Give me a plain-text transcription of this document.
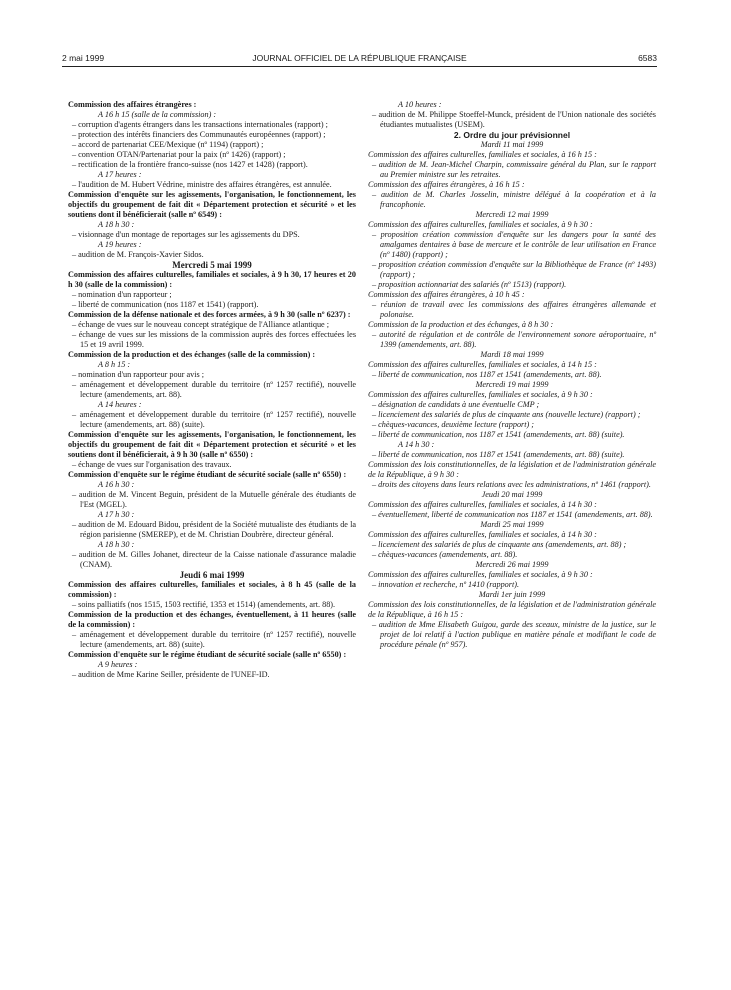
2 mai 1999	JOURNAL OFFICIEL DE LA RÉPUBLIQUE FRANÇAISE	6583
Commission des affaires étrangères :
A 16 h 15 (salle de la commission) :
– corruption d'agents étrangers dans les transactions internationales (rapport) ;
– protection des intérêts financiers des Communautés européennes (rapport) ;
– accord de partenariat CEE/Mexique (nº 1194) (rapport) ;
– convention OTAN/Partenariat pour la paix (nº 1426) (rapport) ;
– rectification de la frontière franco-suisse (nos 1427 et 1428) (rapport).
A 17 heures :
– l'audition de M. Hubert Védrine, ministre des affaires étrangères, est annulée.
Commission d'enquête sur les agissements, l'organisation, le fonctionnement, les objectifs du groupement de fait dit « Département protection et sécurité » et les soutiens dont il bénéficierait (salle nº 6549) :
A 18 h 30 :
– visionnage d'un montage de reportages sur les agissements du DPS.
A 19 heures :
– audition de M. François-Xavier Sidos.
Mercredi 5 mai 1999
Commission des affaires culturelles, familiales et sociales, à 9 h 30, 17 heures et 20 h 30 (salle de la commission) :
– nomination d'un rapporteur ;
– liberté de communication (nos 1187 et 1541) (rapport).
Commission de la défense nationale et des forces armées, à 9 h 30 (salle nº 6237) :
– échange de vues sur le nouveau concept stratégique de l'Alliance atlantique ;
– échange de vues sur les missions de la commission auprès des forces effectuées les 15 et 19 avril 1999.
Commission de la production et des échanges (salle de la commission) :
A 8 h 15 :
– nomination d'un rapporteur pour avis ;
– aménagement et développement durable du territoire (nº 1257 rectifié), nouvelle lecture (amendements, art. 88).
A 14 heures :
– aménagement et développement durable du territoire (nº 1257 rectifié), nouvelle lecture (amendements, art. 88) (suite).
Commission d'enquête sur les agissements, l'organisation, le fonctionnement, les objectifs du groupement de fait dit « Département protection et sécurité » et les soutiens dont il bénéficierait, à 9 h 30 (salle nº 6550) :
– échange de vues sur l'organisation des travaux.
Commission d'enquête sur le régime étudiant de sécurité sociale (salle nº 6550) :
A 16 h 30 :
– audition de M. Vincent Beguin, président de la Mutuelle générale des étudiants de l'Est (MGEL).
A 17 h 30 :
– audition de M. Edouard Bidou, président de la Société mutualiste des étudiants de la région parisienne (SMEREP), et de M. Christian Doubrère, directeur général.
A 18 h 30 :
– audition de M. Gilles Johanet, directeur de la Caisse nationale d'assurance maladie (CNAM).
Jeudi 6 mai 1999
Commission des affaires culturelles, familiales et sociales, à 8 h 45 (salle de la commission) :
– soins palliatifs (nos 1515, 1503 rectifié, 1353 et 1514) (amendements, art. 88).
Commission de la production et des échanges, éventuellement, à 11 heures (salle de la commission) :
– aménagement et développement durable du territoire (nº 1257 rectifié), nouvelle lecture (amendements, art. 88) (suite).
Commission d'enquête sur le régime étudiant de sécurité sociale (salle nº 6550) :
A 9 heures :
– audition de Mme Karine Seiller, présidente de l'UNEF-ID.
A 10 heures :
– audition de M. Philippe Stoeffel-Munck, président de l'Union nationale des sociétés étudiantes mutualistes (USEM).
2. Ordre du jour prévisionnel
Mardi 11 mai 1999
Commission des affaires culturelles, familiales et sociales, à 16 h 15 :
– audition de M. Jean-Michel Charpin, commissaire général du Plan, sur le rapport au Premier ministre sur les retraites.
Commission des affaires étrangères, à 16 h 15 :
– audition de M. Charles Josselin, ministre délégué à la coopération et à la francophonie.
Mercredi 12 mai 1999
Commission des affaires culturelles, familiales et sociales, à 9 h 30 :
– proposition création commission d'enquête sur les dangers pour la santé des amalgames dentaires à base de mercure et le contrôle de leur utilisation en France (nº 1480) (rapport) ;
– proposition création commission d'enquête sur la Bibliothèque de France (nº 1493) (rapport) ;
– proposition actionnariat des salariés (nº 1513) (rapport).
Commission des affaires étrangères, à 10 h 45 :
– réunion de travail avec les commissions des affaires étrangères allemande et polonaise.
Commission de la production et des échanges, à 8 h 30 :
– autorité de régulation et de contrôle de l'environnement sonore aéroportuaire, nº 1399 (amendements, art. 88).
Mardi 18 mai 1999
Commission des affaires culturelles, familiales et sociales, à 14 h 15 :
– liberté de communication, nos 1187 et 1541 (amendements, art. 88).
Mercredi 19 mai 1999
Commission des affaires culturelles, familiales et sociales, à 9 h 30 :
– désignation de candidats à une éventuelle CMP ;
– licenciement des salariés de plus de cinquante ans (nouvelle lecture) (rapport) ;
– chèques-vacances, deuxième lecture (rapport) ;
– liberté de communication, nos 1187 et 1541 (amendements, art. 88) (suite).
A 14 h 30 :
– liberté de communication, nos 1187 et 1541 (amendements, art. 88) (suite).
Commission des lois constitutionnelles, de la législation et de l'administration générale de la République, à 9 h 30 :
– droits des citoyens dans leurs relations avec les administrations, nº 1461 (rapport).
Jeudi 20 mai 1999
Commission des affaires culturelles, familiales et sociales, à 14 h 30 :
– éventuellement, liberté de communication nos 1187 et 1541 (amendements, art. 88).
Mardi 25 mai 1999
Commission des affaires culturelles, familiales et sociales, à 14 h 30 :
– licenciement des salariés de plus de cinquante ans (amendements, art. 88) ;
– chèques-vacances (amendements, art. 88).
Mercredi 26 mai 1999
Commission des affaires culturelles, familiales et sociales, à 9 h 30 :
– innovation et recherche, nº 1410 (rapport).
Mardi 1er juin 1999
Commission des lois constitutionnelles, de la législation et de l'administration générale de la République, à 16 h 15 :
– audition de Mme Elisabeth Guigou, garde des sceaux, ministre de la justice, sur le projet de loi relatif à l'action publique en matière pénale et modifiant le code de procédure pénale (nº 957).
